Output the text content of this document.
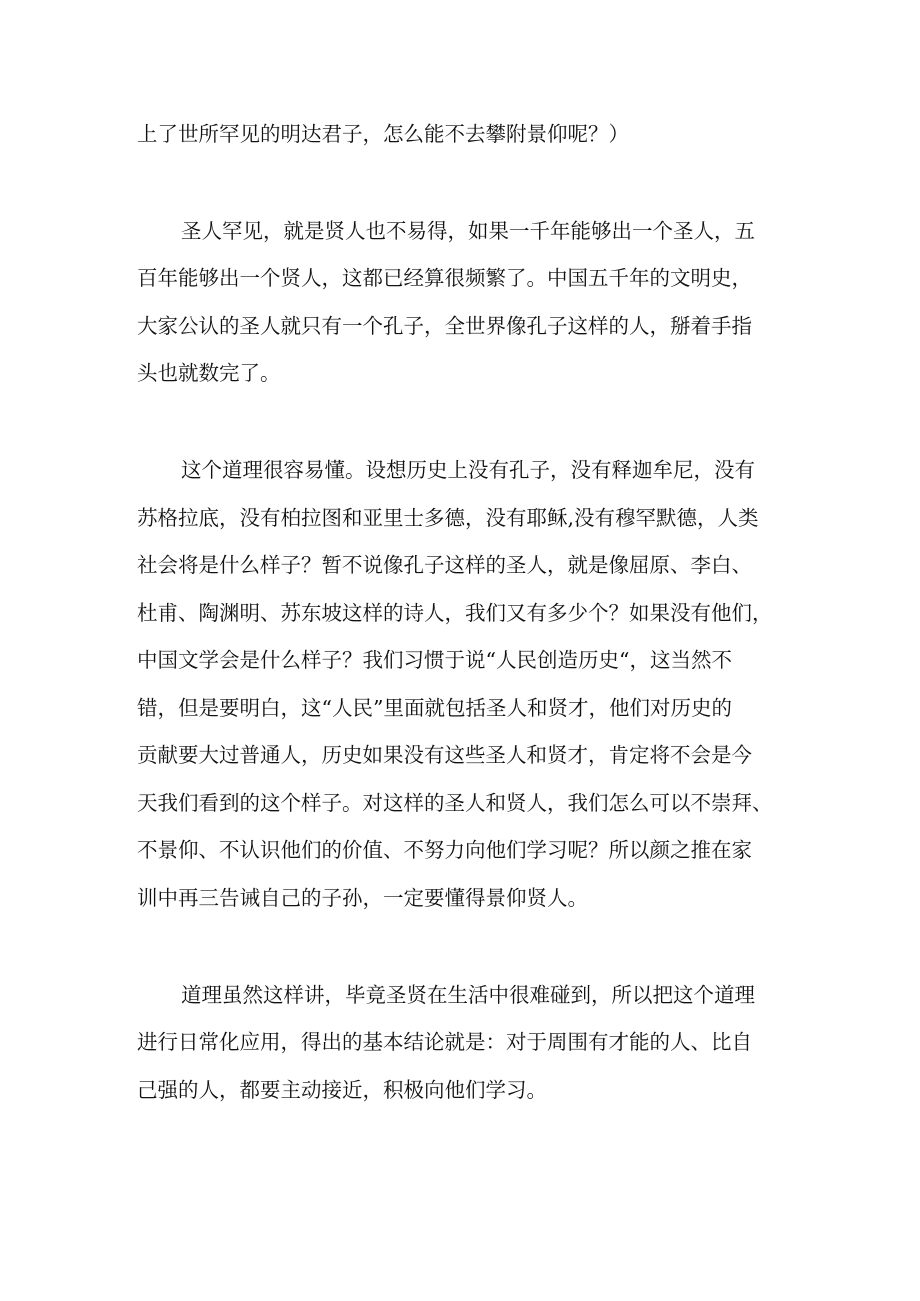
上了世所罕见的明达君子，怎么能不去攀附景仰呢？）
圣人罕见，就是贤人也不易得，如果一千年能够出一个圣人，五
百年能够出一个贤人，这都已经算很频繁了。中国五千年的文明史，
大家公认的圣人就只有一个孔子，全世界像孔子这样的人，掰着手指
头也就数完了。
这个道理很容易懂。设想历史上没有孔子，没有释迦牟尼，没有
苏格拉底，没有柏拉图和亚里士多德，没有耶稣,没有穆罕默德，人类
社会将是什么样子？暂不说像孔子这样的圣人，就是像屈原、李白、
杜甫、陶渊明、苏东坡这样的诗人，我们又有多少个？如果没有他们，
中国文学会是什么样子？我们习惯于说“人民创造历史“，这当然不
错，但是要明白，这“人民”里面就包括圣人和贤才，他们对历史的
贡献要大过普通人，历史如果没有这些圣人和贤才，肯定将不会是今
天我们看到的这个样子。对这样的圣人和贤人，我们怎么可以不崇拜、
不景仰、不认识他们的价值、不努力向他们学习呢？所以颜之推在家
训中再三告诫自己的子孙，一定要懂得景仰贤人。
道理虽然这样讲，毕竟圣贤在生活中很难碰到，所以把这个道理
进行日常化应用，得出的基本结论就是：对于周围有才能的人、比自
己强的人，都要主动接近，积极向他们学习。
